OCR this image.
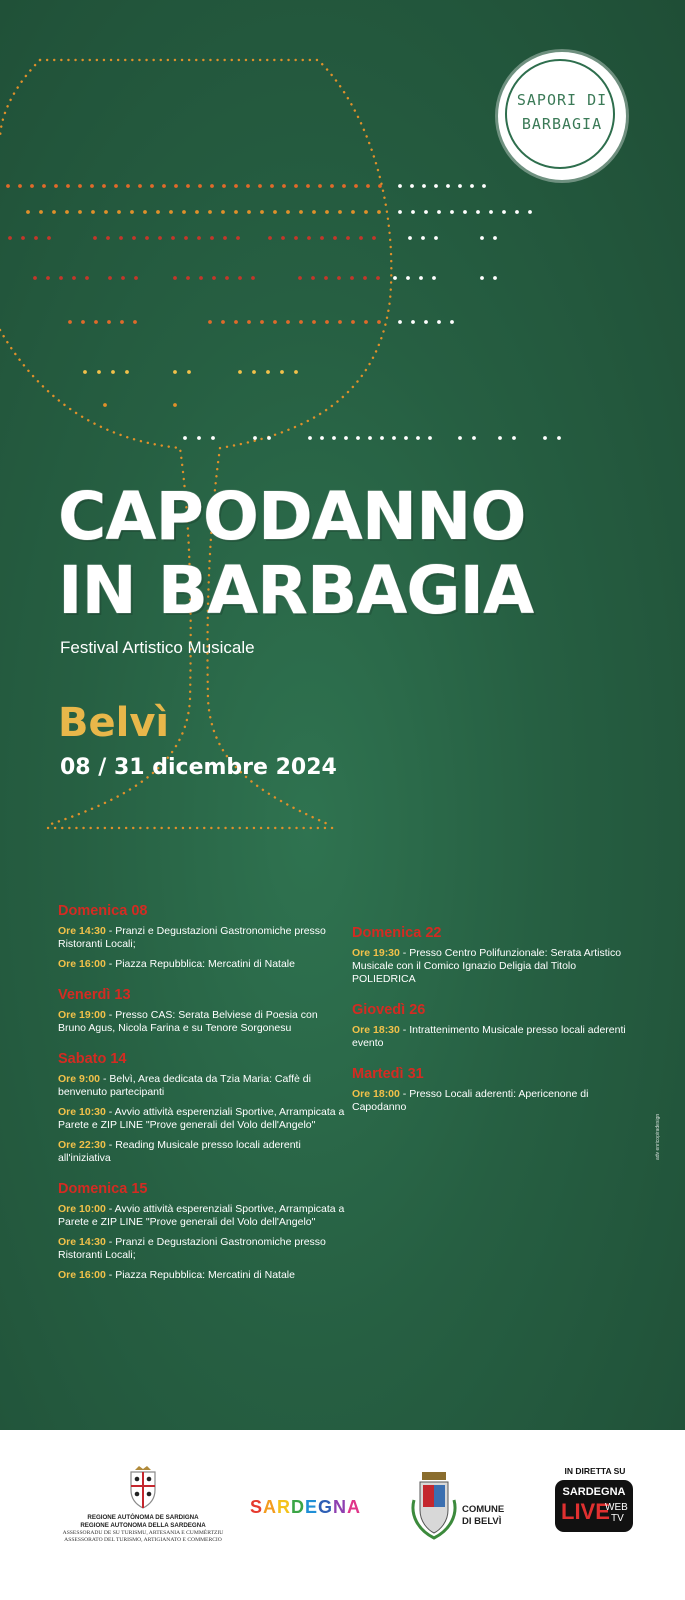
SAPORI DI
BARBAGIA
CAPODANNO
IN BARBAGIA
Festival Artistico Musicale
Belvì
08 / 31 dicembre 2024
Domenica 08
Ore 14:30 - Pranzi e Degustazioni Gastronomiche presso Ristoranti Locali;
Ore 16:00 - Piazza Repubblica: Mercatini di Natale
Venerdì 13
Ore 19:00 - Presso CAS: Serata Belviese di Poesia con Bruno Agus, Nicola Farina e su Tenore Sorgonesu
Sabato 14
Ore 9:00 - Belvì, Area dedicata da Tzia Maria: Caffè di benvenuto partecipanti
Ore 10:30 - Avvio attività esperenziali Sportive, Arrampicata a Parete e ZIP LINE "Prove generali del Volo dell'Angelo"
Ore 22:30 - Reading Musicale presso locali aderenti all'iniziativa
Domenica 15
Ore 10:00 - Avvio attività esperenziali Sportive, Arrampicata a Parete e ZIP LINE "Prove generali del Volo dell'Angelo"
Ore 14:30 - Pranzi e Degustazioni Gastronomiche presso Ristoranti Locali;
Ore 16:00 - Piazza Repubblica: Mercatini di Natale
Domenica 22
Ore 19:30 - Presso Centro Polifunzionale: Serata Artistico Musicale con il Comico Ignazio Deligia dal Titolo POLIEDRICA
Giovedì 26
Ore 18:30 - Intrattenimento Musicale presso locali aderenti evento
Martedì 31
Ore 18:00 - Presso Locali aderenti: Apericenone di Capodanno
adv enricopiradesign
REGIONE AUTÒNOMA DE SARDIGNA
REGIONE AUTONOMA DELLA SARDEGNA
ASSESSORADU DE SU TURISMU, ARTESANIA E CUMMÈRTZIU
ASSESSORATO DEL TURISMO, ARTIGIANATO E COMMERCIO
SARDEGNA	COMUNE
DI BELVÌ
IN DIRETTA SU
SARDEGNA
LIVE
WEB
TV
